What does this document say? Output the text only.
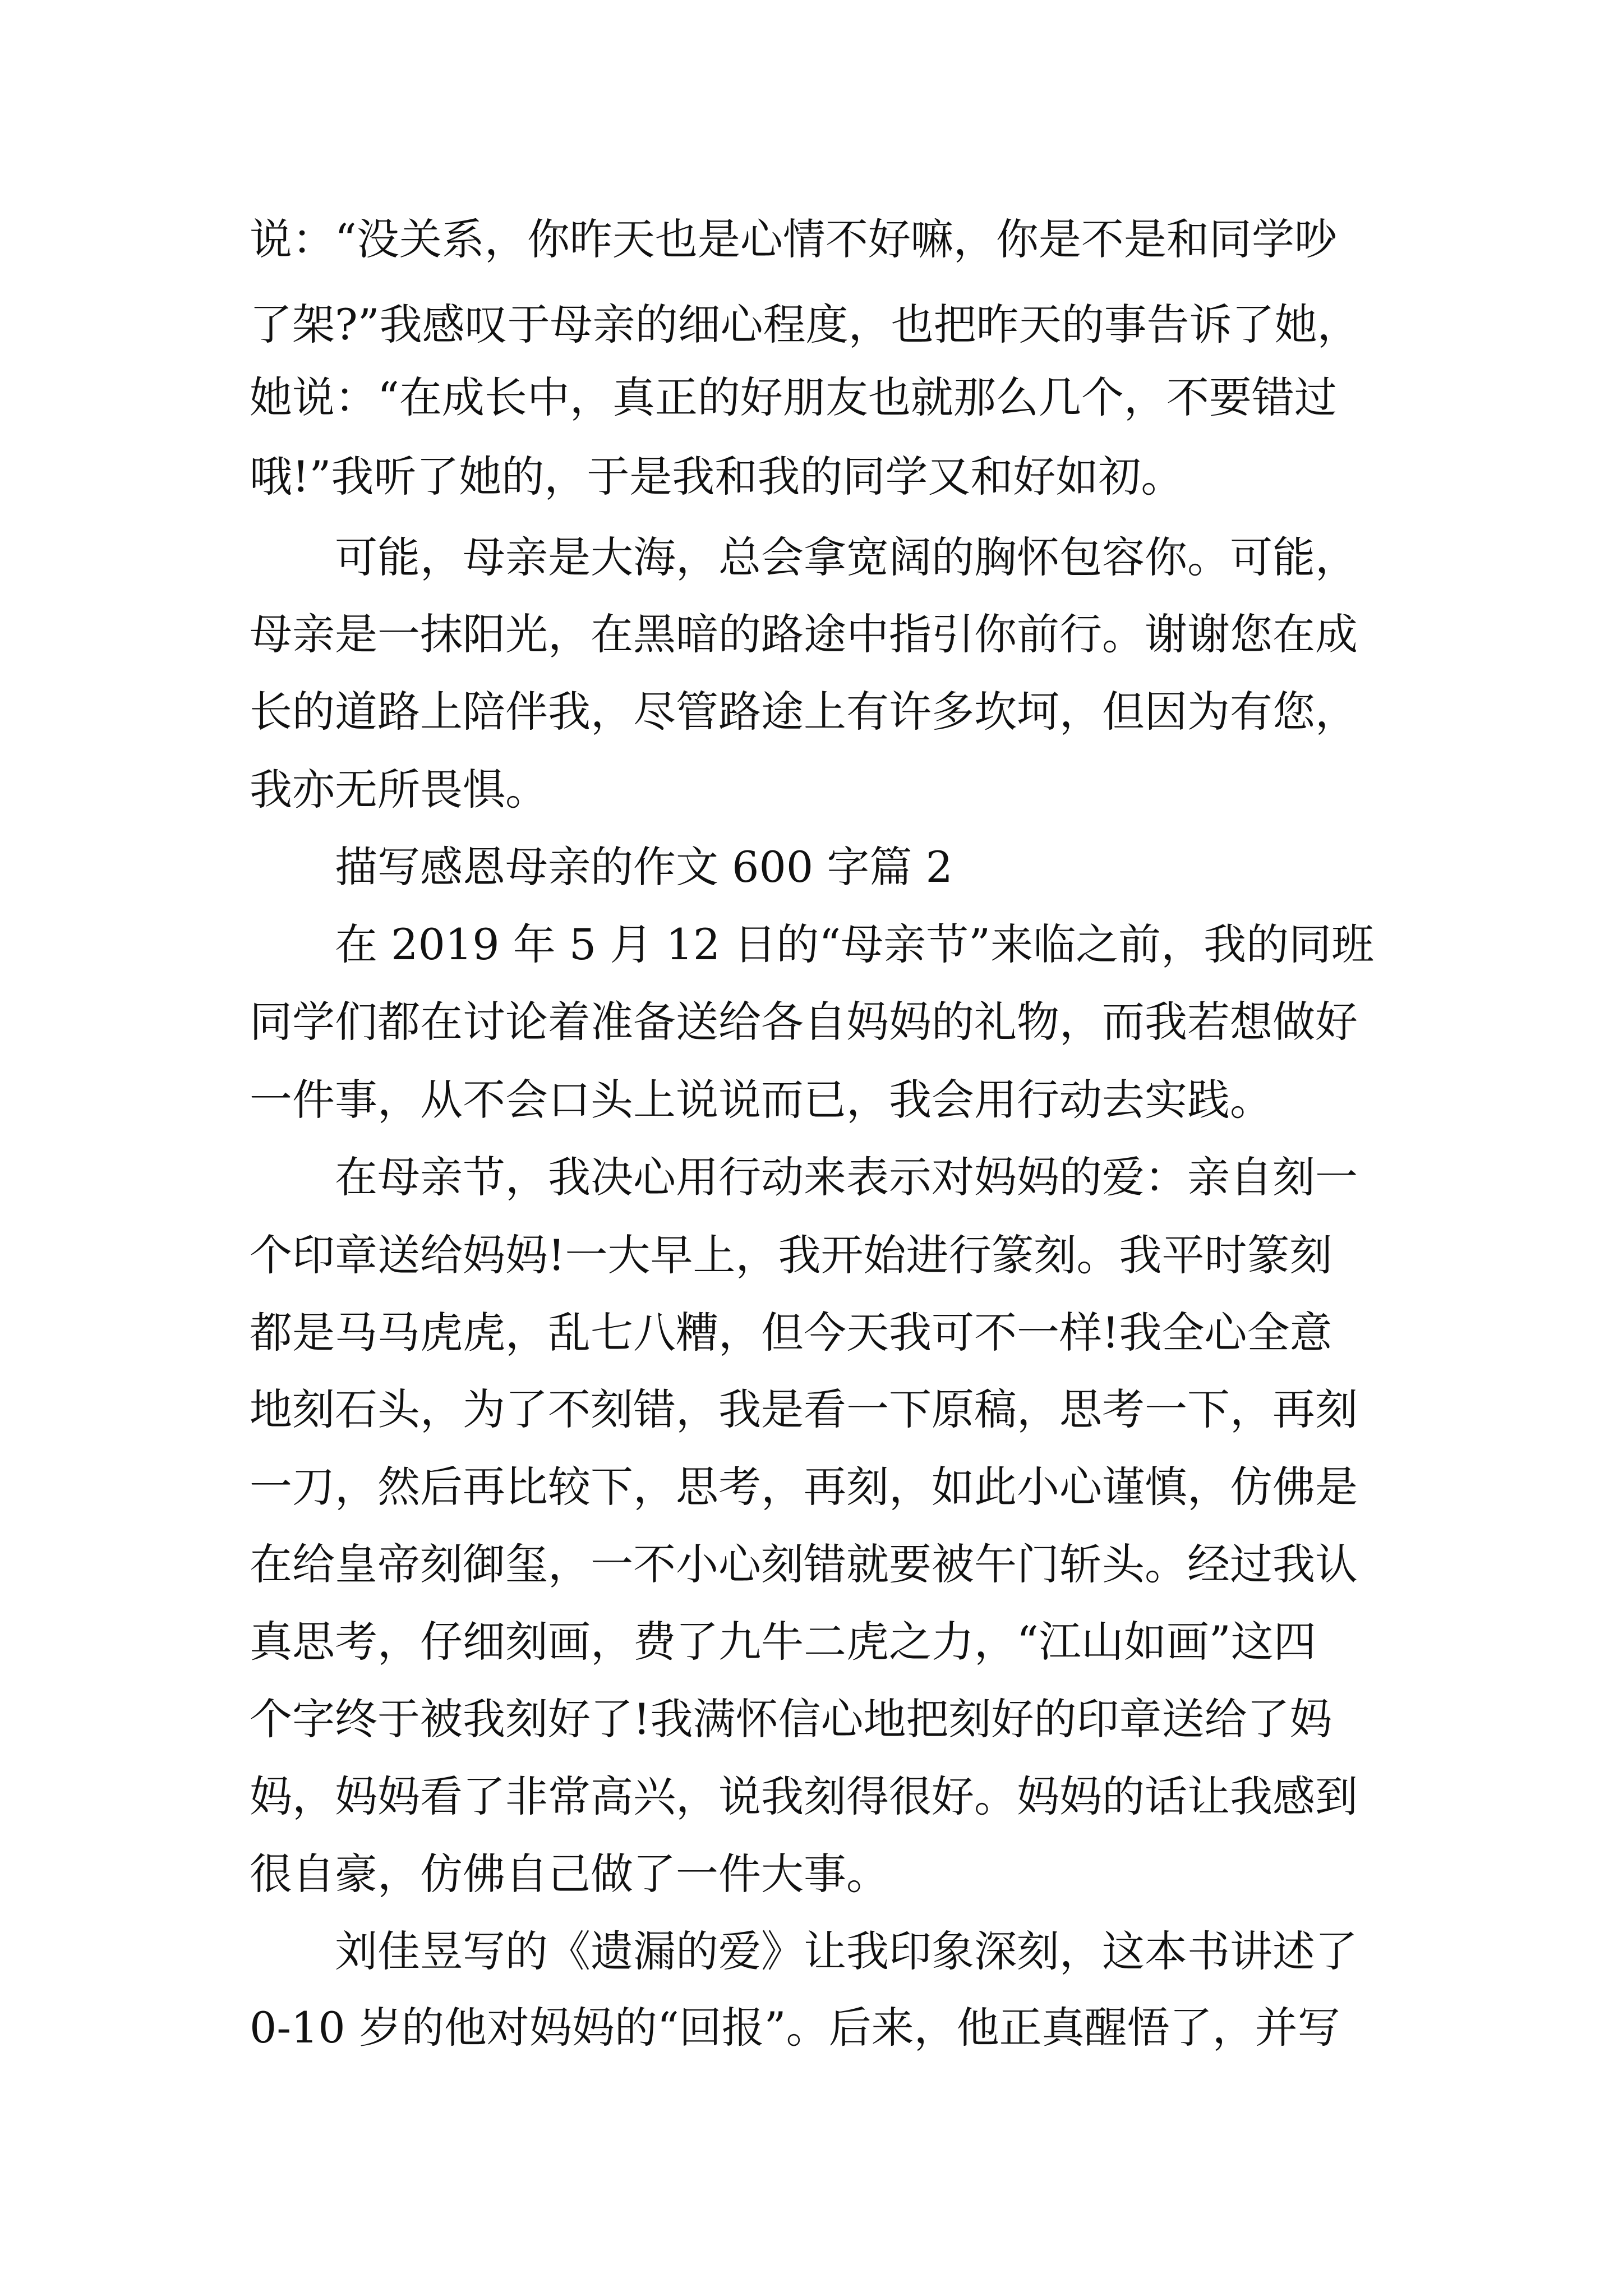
说：“没关系，你昨天也是心情不好嘛，你是不是和同学吵
了架?”我感叹于母亲的细心程度，也把昨天的事告诉了她，
她说：“在成长中，真正的好朋友也就那么几个，不要错过
哦!”我听了她的，于是我和我的同学又和好如初。
可能，母亲是大海，总会拿宽阔的胸怀包容你。可能，
母亲是一抹阳光，在黑暗的路途中指引你前行。谢谢您在成
长的道路上陪伴我，尽管路途上有许多坎坷，但因为有您，
我亦无所畏惧。
描写感恩母亲的作文 600 字篇 2
在 2019 年 5 月 12 日的“母亲节”来临之前，我的同班
同学们都在讨论着准备送给各自妈妈的礼物，而我若想做好
一件事，从不会口头上说说而已，我会用行动去实践。
在母亲节，我决心用行动来表示对妈妈的爱：亲自刻一
个印章送给妈妈!一大早上，我开始进行篆刻。我平时篆刻
都是马马虎虎，乱七八糟，但今天我可不一样!我全心全意
地刻石头，为了不刻错，我是看一下原稿，思考一下，再刻
一刀，然后再比较下，思考，再刻，如此小心谨慎，仿佛是
在给皇帝刻御玺，一不小心刻错就要被午门斩头。经过我认
真思考，仔细刻画，费了九牛二虎之力，“江山如画”这四
个字终于被我刻好了!我满怀信心地把刻好的印章送给了妈
妈，妈妈看了非常高兴，说我刻得很好。妈妈的话让我感到
很自豪，仿佛自己做了一件大事。
刘佳昱写的《遗漏的爱》让我印象深刻，这本书讲述了
0-10 岁的他对妈妈的“回报”。后来，他正真醒悟了，并写
